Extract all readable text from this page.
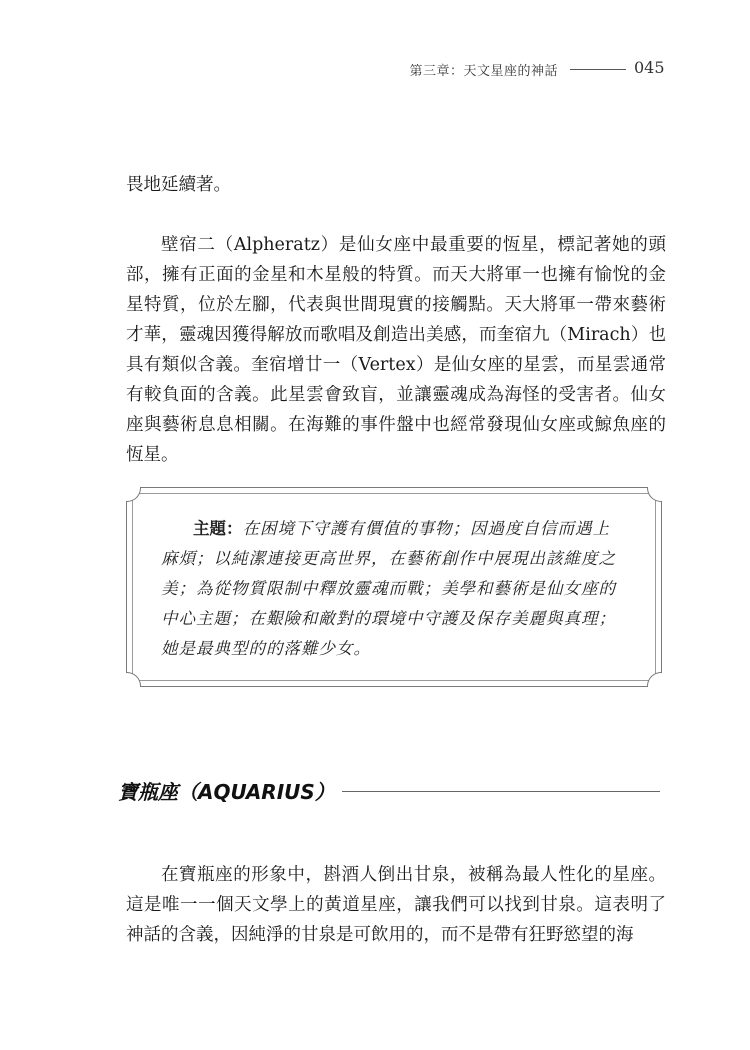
第三章：天文星座的神話	045

畏地延續著。

壁宿二（Alpheratz）是仙女座中最重要的恆星，標記著她的頭部，擁有正面的金星和木星般的特質。而天大將軍一也擁有愉悅的金星特質，位於左腳，代表與世間現實的接觸點。天大將軍一帶來藝術才華，靈魂因獲得解放而歌唱及創造出美感，而奎宿九（Mirach）也具有類似含義。奎宿增廿一（Vertex）是仙女座的星雲，而星雲通常有較負面的含義。此星雲會致盲，並讓靈魂成為海怪的受害者。仙女座與藝術息息相關。在海難的事件盤中也經常發現仙女座或鯨魚座的恆星。

主題：在困境下守護有價值的事物；因過度自信而遇上麻煩；以純潔連接更高世界，在藝術創作中展現出該維度之美；為從物質限制中釋放靈魂而戰；美學和藝術是仙女座的中心主題；在艱險和敵對的環境中守護及保存美麗與真理；她是最典型的的落難少女。

寶瓶座（AQUARIUS）

在寶瓶座的形象中，斟酒人倒出甘泉，被稱為最人性化的星座。這是唯一一個天文學上的黃道星座，讓我們可以找到甘泉。這表明了神話的含義，因純淨的甘泉是可飲用的，而不是帶有狂野慾望的海
